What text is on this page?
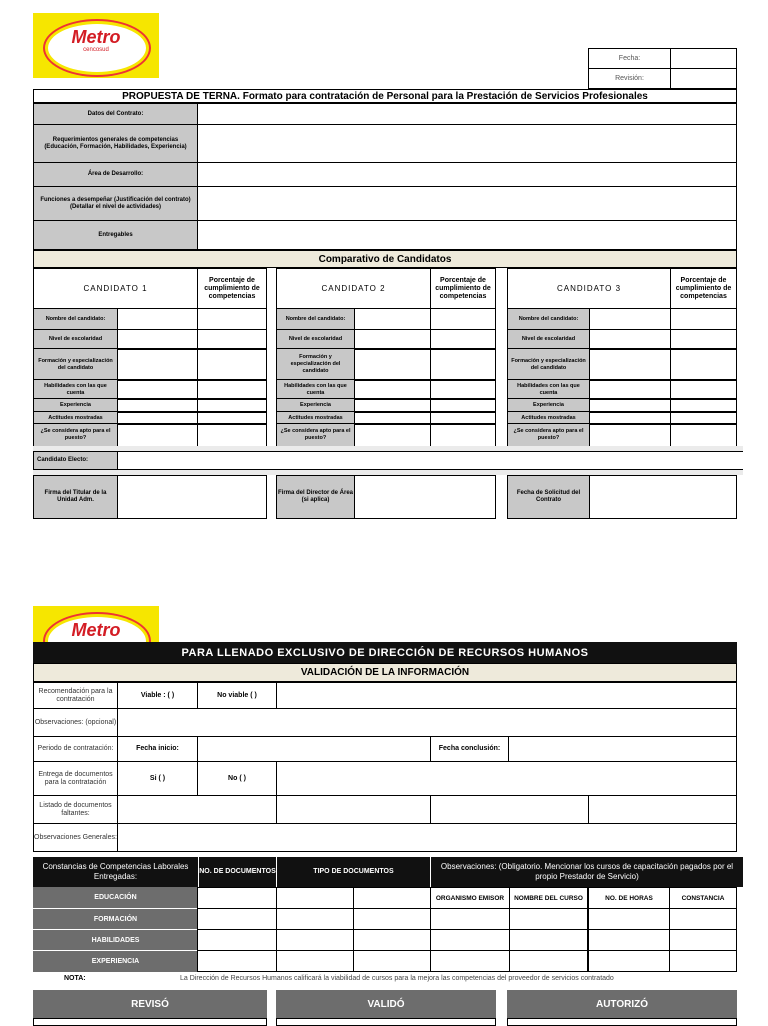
Metro
cencosud
Fecha:
Revisión:
PROPUESTA DE TERNA. Formato para contratación de Personal para la Prestación de Servicios Profesionales
Datos del Contrato:
Requerimientos generales de competencias (Educación, Formación, Habilidades, Experiencia)
Área de Desarrollo:
Funciones a desempeñar (Justificación del contrato) (Detallar el nivel de actividades)
Entregables
Comparativo de Candidatos
CANDIDATO 1
Porcentaje de cumplimiento de competencias
Nombre del candidato:
Nivel de escolaridad
Formación y especialización del candidato
Habilidades con las que cuenta
Experiencia
Actitudes mostradas
¿Se considera apto para el puesto?
CANDIDATO 2
Porcentaje de cumplimiento de competencias
Nombre del candidato:
Nivel de escolaridad
Formación y especialización del candidato
Habilidades con las que cuenta
Experiencia
Actitudes mostradas
¿Se considera apto para el puesto?
CANDIDATO 3
Porcentaje de cumplimiento de competencias
Nombre del candidato:
Nivel de escolaridad
Formación y especialización del candidato
Habilidades con las que cuenta
Experiencia
Actitudes mostradas
¿Se considera apto para el puesto?
Candidato Electo:
Firma del Titular de la Unidad Adm.
Firma del Director de Área (si aplica)
Fecha de Solicitud del Contrato
Metro
PARA LLENADO EXCLUSIVO DE DIRECCIÓN DE RECURSOS HUMANOS
VALIDACIÓN DE LA INFORMACIÓN
Recomendación para la contratación
Viable : ( )	No viable ( )
Observaciones: (opcional)
Periodo de contratación:	Fecha inicio:	Fecha conclusión:
Entrega de documentos para la contratación
Si ( )	No ( )
Listado de documentos faltantes:
Observaciones Generales:
Constancias de Competencias Laborales Entregadas:
NO. DE DOCUMENTOS	TIPO DE DOCUMENTOS
Observaciones: (Obligatorio. Mencionar los cursos de capacitación pagados por el propio Prestador de Servicio)
EDUCACIÓN	ORGANISMO EMISOR	NOMBRE DEL CURSO	NO. DE HORAS	CONSTANCIA
FORMACIÓN
HABILIDADES
EXPERIENCIA
NOTA:	La Dirección de Recursos Humanos calificará la viabilidad de cursos para la mejora las competencias del proveedor de servicios contratado
REVISÓ	VALIDÓ	AUTORIZÓ
